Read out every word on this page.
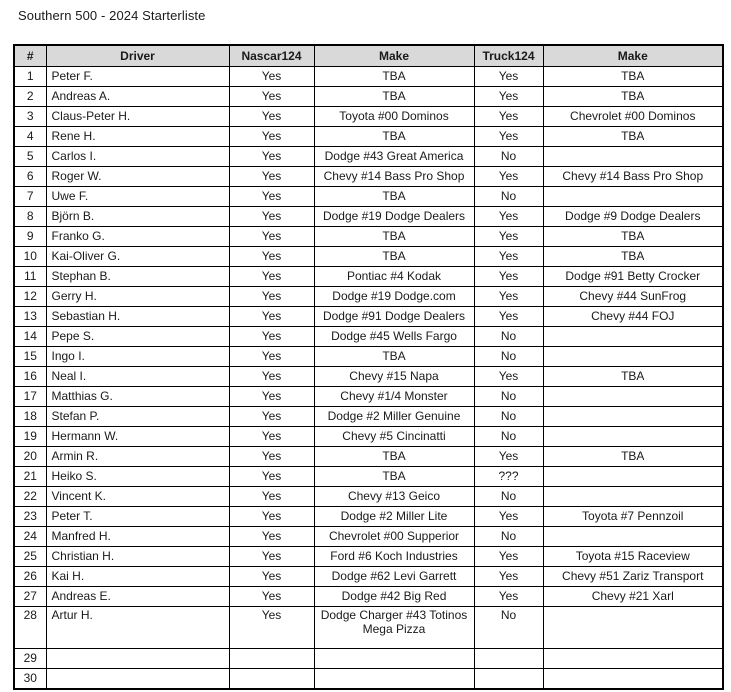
Southern 500 - 2024 Starterliste
#	Driver	Nascar124	Make	Truck124	Make
1	Peter F.	Yes	TBA	Yes	TBA
2	Andreas A.	Yes	TBA	Yes	TBA
3	Claus-Peter H.	Yes	Toyota #00 Dominos	Yes	Chevrolet #00 Dominos
4	Rene H.	Yes	TBA	Yes	TBA
5	Carlos I.	Yes	Dodge #43 Great America	No	
6	Roger W.	Yes	Chevy #14 Bass Pro Shop	Yes	Chevy #14 Bass Pro Shop
7	Uwe F.	Yes	TBA	No	
8	Björn B.	Yes	Dodge #19 Dodge Dealers	Yes	Dodge #9 Dodge Dealers
9	Franko G.	Yes	TBA	Yes	TBA
10	Kai-Oliver G.	Yes	TBA	Yes	TBA
11	Stephan B.	Yes	Pontiac #4 Kodak	Yes	Dodge #91 Betty Crocker
12	Gerry H.	Yes	Dodge #19 Dodge.com	Yes	Chevy #44 SunFrog
13	Sebastian H.	Yes	Dodge #91 Dodge Dealers	Yes	Chevy #44 FOJ
14	Pepe S.	Yes	Dodge #45 Wells Fargo	No	
15	Ingo I.	Yes	TBA	No	
16	Neal I.	Yes	Chevy #15 Napa	Yes	TBA
17	Matthias G.	Yes	Chevy #1/4 Monster	No	
18	Stefan P.	Yes	Dodge #2 Miller Genuine	No	
19	Hermann W.	Yes	Chevy #5 Cincinatti	No	
20	Armin R.	Yes	TBA	Yes	TBA
21	Heiko S.	Yes	TBA	???	
22	Vincent K.	Yes	Chevy #13 Geico	No	
23	Peter T.	Yes	Dodge #2 Miller Lite	Yes	Toyota #7 Pennzoil
24	Manfred H.	Yes	Chevrolet #00 Supperior	No	
25	Christian H.	Yes	Ford #6 Koch Industries	Yes	Toyota #15 Raceview
26	Kai H.	Yes	Dodge #62 Levi Garrett	Yes	Chevy #51 Zariz Transport
27	Andreas E.	Yes	Dodge #42 Big Red	Yes	Chevy #21 Xarl
28	Artur H.	Yes	Dodge Charger #43 Totinos Mega Pizza	No	
29					
30					
